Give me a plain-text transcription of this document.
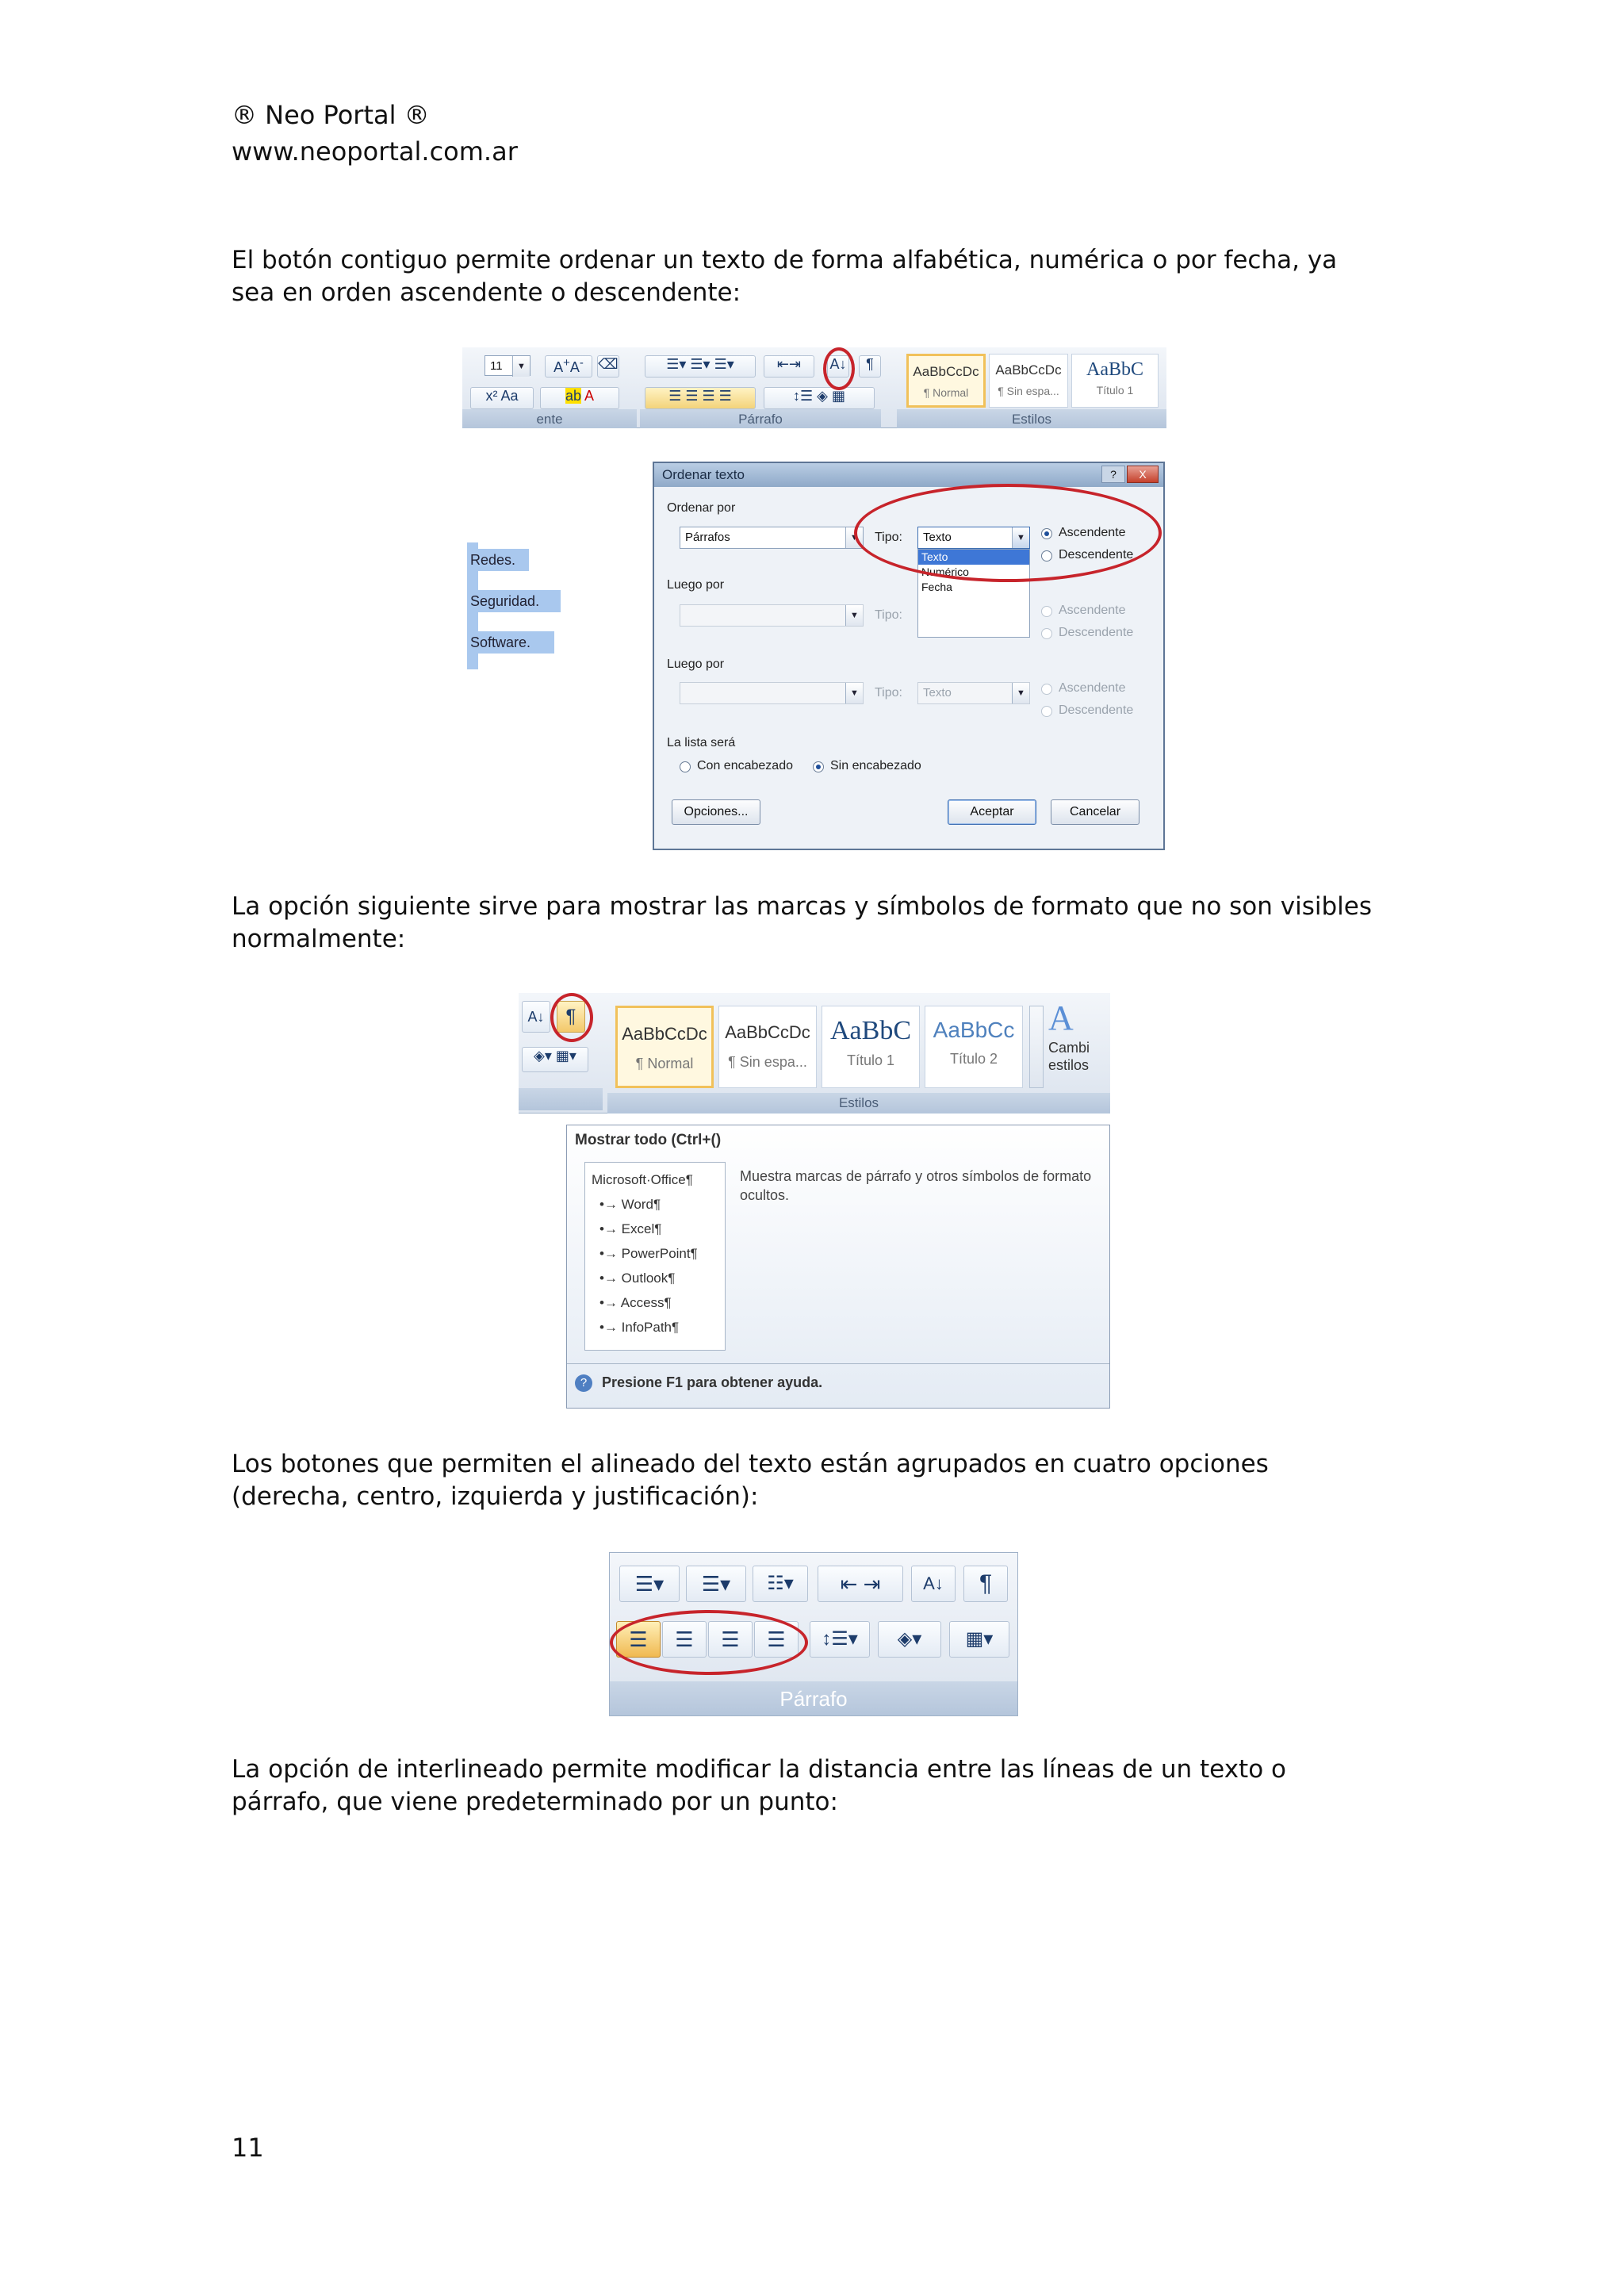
® Neo Portal ®
www.neoportal.com.ar
El botón contiguo permite ordenar un texto de forma alfabética, numérica o por fecha, ya sea en orden ascendente o descendente:
11	▼	A+A-	⌫
x² Aa	ab A
ente
☰▾ ☰▾ ☰▾	⇤⇥	A↓	¶
☰ ☰ ☰ ☰	↕☰ ◈ ▦
Párrafo
AaBbCcDc
¶ Normal
AaBbCcDc
¶ Sin espa...
AaBbC
Título 1
Estilos
Redes.
Seguridad.
Software.
Ordenar texto	?	X
Ordenar por
Párrafos	▼	Tipo:	Texto	▼
Texto
Numérico
Fecha
Ascendente
Descendente
Luego por
▼	Tipo:	Ascendente
Descendente
Luego por
▼	Tipo:	Texto	▼	Ascendente
Descendente
La lista será
Con encabezado	Sin encabezado
Opciones...	Aceptar	Cancelar
La opción siguiente sirve para mostrar las marcas y símbolos de formato que no son visibles normalmente:
A↓	¶
◈▾ ▦▾
AaBbCcDc
¶ Normal
AaBbCcDc
¶ Sin espa...
AaBbC
Título 1
AaBbCc
Título 2
A
Cambi
estilos
Estilos
Mostrar todo (Ctrl+()
Microsoft·Office¶
•→ Word¶
•→ Excel¶
•→ PowerPoint¶
•→ Outlook¶
•→ Access¶
•→ InfoPath¶
Muestra marcas de párrafo y otros símbolos de formato ocultos.
?	Presione F1 para obtener ayuda.
Los botones que permiten el alineado del texto están agrupados en cuatro opciones (derecha, centro, izquierda y justificación):
☰▾	☰▾	☷▾	⇤ ⇥	A↓	¶
☰	☰	☰	☰	↕☰▾	◈▾	▦▾
Párrafo
La opción de interlineado permite modificar la distancia entre las líneas de un texto o párrafo, que viene predeterminado por un punto:
11
